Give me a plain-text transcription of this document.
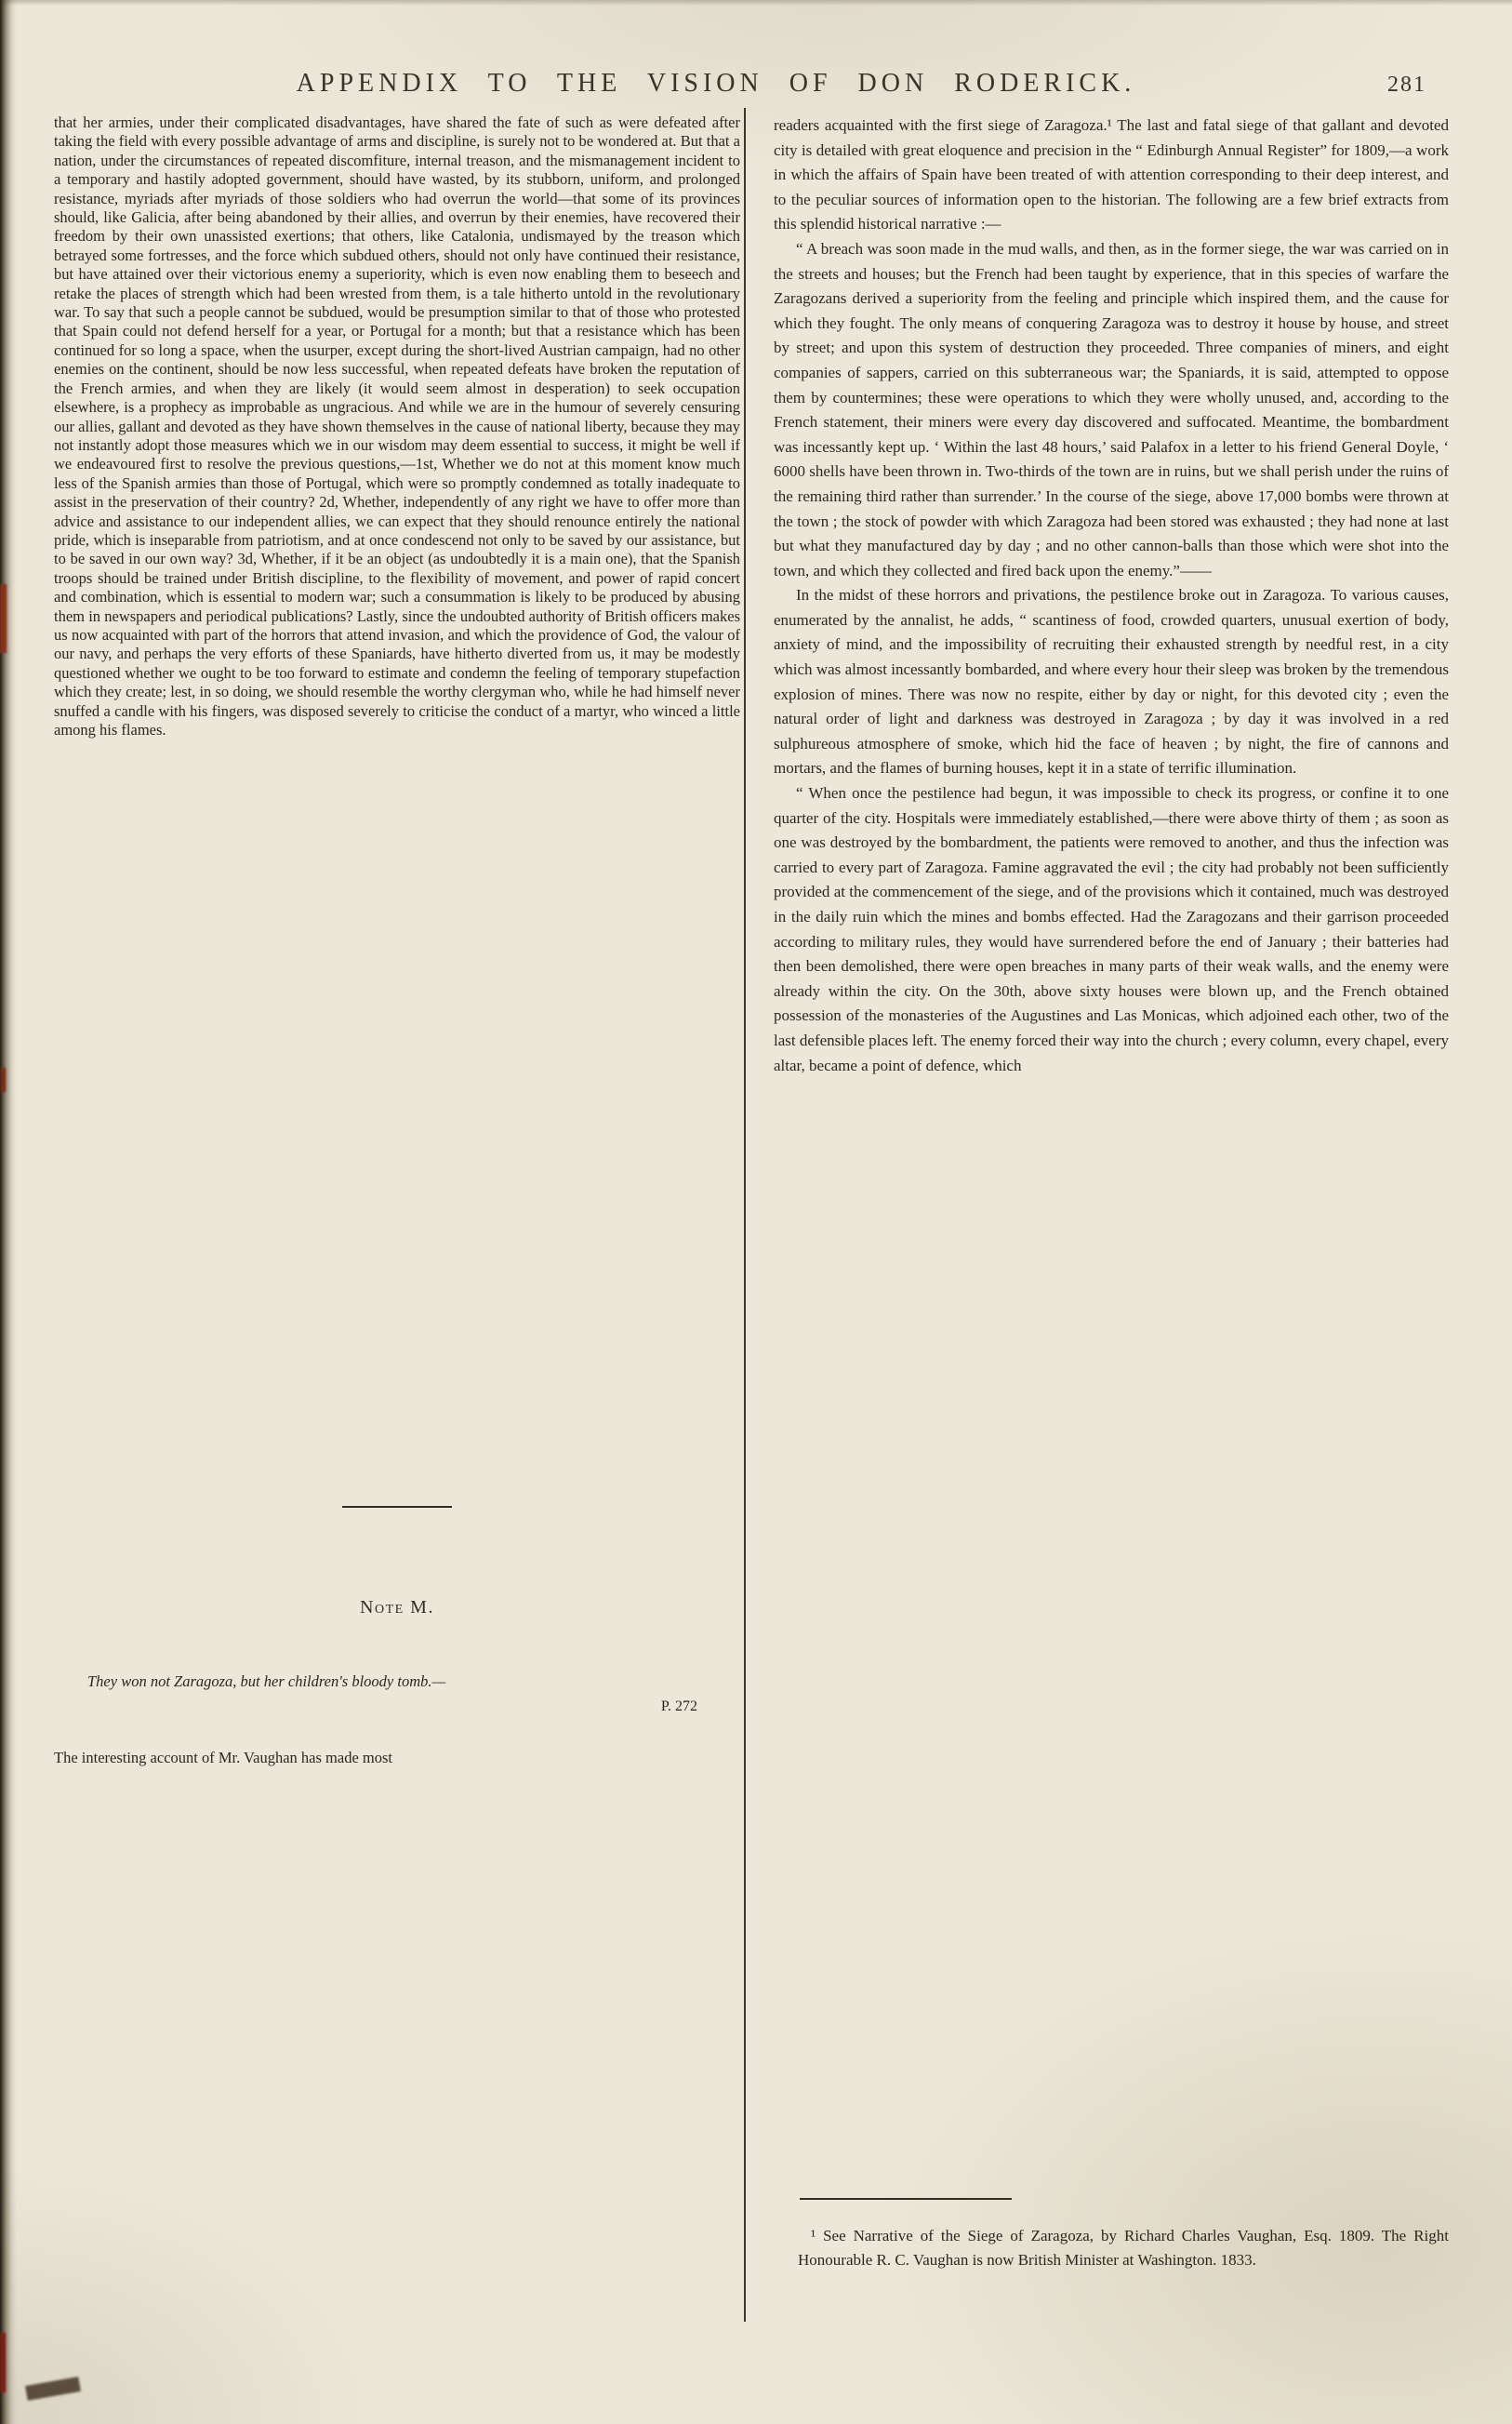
APPENDIX TO THE VISION OF DON RODERICK.	281

that her armies, under their complicated disadvantages, have shared the fate of such as were defeated after taking the field with every possible advantage of arms and discipline, is surely not to be wondered at. But that a nation, under the circumstances of repeated discomfiture, internal treason, and the mismanagement incident to a temporary and hastily adopted government, should have wasted, by its stubborn, uniform, and prolonged resistance, myriads after myriads of those soldiers who had overrun the world—that some of its provinces should, like Galicia, after being abandoned by their allies, and overrun by their enemies, have recovered their freedom by their own unassisted exertions; that others, like Catalonia, undismayed by the treason which betrayed some fortresses, and the force which subdued others, should not only have continued their resistance, but have attained over their victorious enemy a superiority, which is even now enabling them to beseech and retake the places of strength which had been wrested from them, is a tale hitherto untold in the revolutionary war. To say that such a people cannot be subdued, would be presumption similar to that of those who protested that Spain could not defend herself for a year, or Portugal for a month; but that a resistance which has been continued for so long a space, when the usurper, except during the short-lived Austrian campaign, had no other enemies on the continent, should be now less successful, when repeated defeats have broken the reputation of the French armies, and when they are likely (it would seem almost in desperation) to seek occupation elsewhere, is a prophecy as improbable as ungracious. And while we are in the humour of severely censuring our allies, gallant and devoted as they have shown themselves in the cause of national liberty, because they may not instantly adopt those measures which we in our wisdom may deem essential to success, it might be well if we endeavoured first to resolve the previous questions,—1st, Whether we do not at this moment know much less of the Spanish armies than those of Portugal, which were so promptly condemned as totally inadequate to assist in the preservation of their country? 2d, Whether, independently of any right we have to offer more than advice and assistance to our independent allies, we can expect that they should renounce entirely the national pride, which is inseparable from patriotism, and at once condescend not only to be saved by our assistance, but to be saved in our own way? 3d, Whether, if it be an object (as undoubtedly it is a main one), that the Spanish troops should be trained under British discipline, to the flexibility of movement, and power of rapid concert and combination, which is essential to modern war; such a consummation is likely to be produced by abusing them in newspapers and periodical publications? Lastly, since the undoubted authority of British officers makes us now acquainted with part of the horrors that attend invasion, and which the providence of God, the valour of our navy, and perhaps the very efforts of these Spaniards, have hitherto diverted from us, it may be modestly questioned whether we ought to be too forward to estimate and condemn the feeling of temporary stupefaction which they create; lest, in so doing, we should resemble the worthy clergyman who, while he had himself never snuffed a candle with his fingers, was disposed severely to criticise the conduct of a martyr, who winced a little among his flames.

Note M.
They won not Zaragoza, but her children's bloody tomb.—
P. 272
The interesting account of Mr. Vaughan has made most

readers acquainted with the first siege of Zaragoza.¹ The last and fatal siege of that gallant and devoted city is detailed with great eloquence and precision in the “ Edinburgh Annual Register” for 1809,—a work in which the affairs of Spain have been treated of with attention corresponding to their deep interest, and to the peculiar sources of information open to the historian. The following are a few brief extracts from this splendid historical narrative :—

“ A breach was soon made in the mud walls, and then, as in the former siege, the war was carried on in the streets and houses; but the French had been taught by experience, that in this species of warfare the Zaragozans derived a superiority from the feeling and principle which inspired them, and the cause for which they fought. The only means of conquering Zaragoza was to destroy it house by house, and street by street; and upon this system of destruction they proceeded. Three companies of miners, and eight companies of sappers, carried on this subterraneous war; the Spaniards, it is said, attempted to oppose them by countermines; these were operations to which they were wholly unused, and, according to the French statement, their miners were every day discovered and suffocated. Meantime, the bombardment was incessantly kept up. ‘ Within the last 48 hours,’ said Palafox in a letter to his friend General Doyle, ‘ 6000 shells have been thrown in. Two-thirds of the town are in ruins, but we shall perish under the ruins of the remaining third rather than surrender.’ In the course of the siege, above 17,000 bombs were thrown at the town ; the stock of powder with which Zaragoza had been stored was exhausted ; they had none at last but what they manufactured day by day ; and no other cannon-balls than those which were shot into the town, and which they collected and fired back upon the enemy.”——

In the midst of these horrors and privations, the pestilence broke out in Zaragoza. To various causes, enumerated by the annalist, he adds, “ scantiness of food, crowded quarters, unusual exertion of body, anxiety of mind, and the impossibility of recruiting their exhausted strength by needful rest, in a city which was almost incessantly bombarded, and where every hour their sleep was broken by the tremendous explosion of mines. There was now no respite, either by day or night, for this devoted city ; even the natural order of light and darkness was destroyed in Zaragoza ; by day it was involved in a red sulphureous atmosphere of smoke, which hid the face of heaven ; by night, the fire of cannons and mortars, and the flames of burning houses, kept it in a state of terrific illumination.

“ When once the pestilence had begun, it was impossible to check its progress, or confine it to one quarter of the city. Hospitals were immediately established,—there were above thirty of them ; as soon as one was destroyed by the bombardment, the patients were removed to another, and thus the infection was carried to every part of Zaragoza. Famine aggravated the evil ; the city had probably not been sufficiently provided at the commencement of the siege, and of the provisions which it contained, much was destroyed in the daily ruin which the mines and bombs effected. Had the Zaragozans and their garrison proceeded according to military rules, they would have surrendered before the end of January ; their batteries had then been demolished, there were open breaches in many parts of their weak walls, and the enemy were already within the city. On the 30th, above sixty houses were blown up, and the French obtained possession of the monasteries of the Augustines and Las Monicas, which adjoined each other, two of the last defensible places left. The enemy forced their way into the church ; every column, every chapel, every altar, became a point of defence, which

¹ See Narrative of the Siege of Zaragoza, by Richard Charles Vaughan, Esq. 1809. The Right Honourable R. C. Vaughan is now British Minister at Washington. 1833.
